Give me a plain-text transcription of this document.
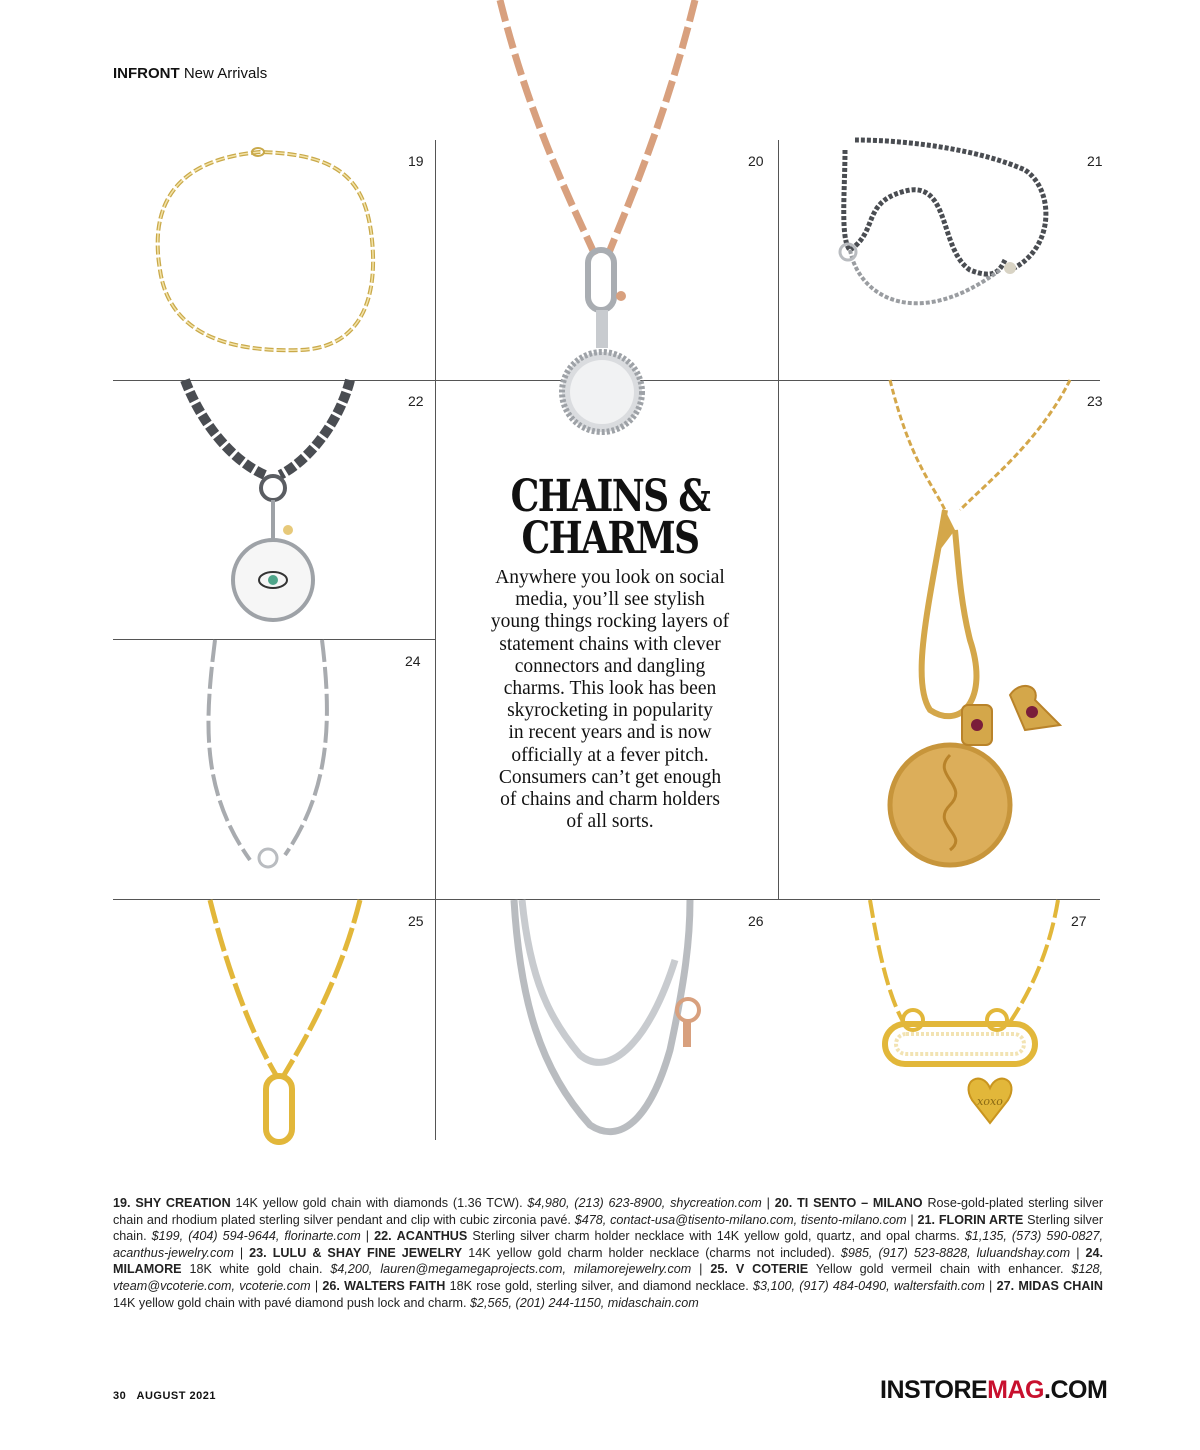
INFRONT New Arrivals
19	20	21
22	23
24
25	26	27
xoxo
CHAINS &
CHARMS
Anywhere you look on social
media, you’ll see stylish
young things rocking layers of
statement chains with clever
connectors and dangling
charms. This look has been
skyrocketing in popularity
in recent years and is now
officially at a fever pitch.
Consumers can’t get enough
of chains and charm holders
of all sorts.
19. SHY CREATION 14K yellow gold chain with diamonds (1.36 TCW). $4,980, (213) 623-8900, shycreation.com | 20. TI SENTO – MILANO Rose-gold-plated sterling silver chain and rhodium plated sterling silver pendant and clip with cubic zirconia pavé. $478, contact-usa@tisento-milano.com, tisento-milano.com | 21. FLORIN ARTE Sterling silver chain. $199, (404) 594-9644, florinarte.com | 22. ACANTHUS Sterling silver charm holder necklace with 14K yellow gold, quartz, and opal charms. $1,135, (573) 590-0827, acanthus-jewelry.com | 23. LULU & SHAY FINE JEWELRY 14K yellow gold charm holder necklace (charms not included). $985, (917) 523-8828, luluandshay.com | 24. MILAMORE 18K white gold chain. $4,200, lauren@megamegaprojects.com, milamorejewelry.com | 25. V COTERIE Yellow gold vermeil chain with enhancer. $128, vteam@vcoterie.com, vcoterie.com | 26. WALTERS FAITH 18K rose gold, sterling silver, and diamond necklace. $3,100, (917) 484-0490, waltersfaith.com | 27. MIDAS CHAIN 14K yellow gold chain with pavé diamond push lock and charm. $2,565, (201) 244-1150, midaschain.com
30 AUGUST 2021	INSTOREMAG.COM
